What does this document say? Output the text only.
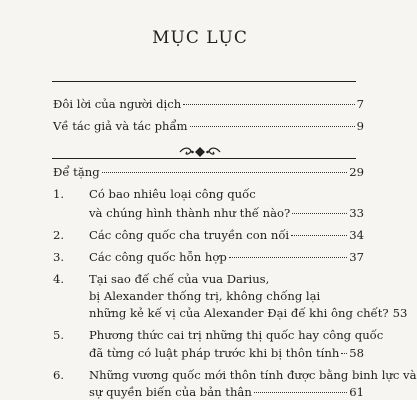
MỤC LỤC
Đôi lời của người dịch	7
Về tác giả và tác phẩm	9
Để tặng	29
1.	Có bao nhiêu loại công quốc
và chúng hình thành như thế nào?	33
2.	Các công quốc cha truyền con nối	34
3.	Các công quốc hỗn hợp	37
4.	Tại sao đế chế của vua Darius,
bị Alexander thống trị, không chống lại
những kẻ kế vị của Alexander Đại đế khi ông chết? 53
5.	Phương thức cai trị những thị quốc hay công quốc
đã từng có luật pháp trước khi bị thôn tính 58
6.	Những vương quốc mới thôn tính được bằng binh lực và
sự quyền biến của bản thân	61
